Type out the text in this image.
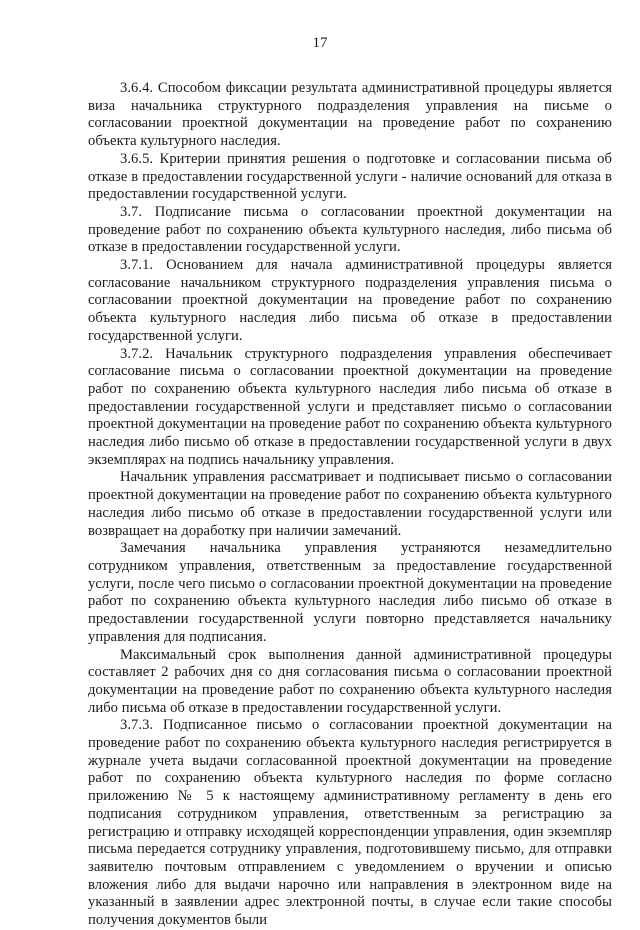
17

3.6.4. Способом фиксации результата административной процедуры является виза начальника структурного подразделения управления на письме о согласовании проектной документации на проведение работ по сохранению объекта культурного наследия.

3.6.5. Критерии принятия решения о подготовке и согласовании письма об отказе в предоставлении государственной услуги - наличие оснований для отказа в предоставлении государственной услуги.

3.7. Подписание письма о согласовании проектной документации на проведение работ по сохранению объекта культурного наследия, либо письма об отказе в предоставлении государственной услуги.

3.7.1. Основанием для начала административной процедуры является согласование начальником структурного подразделения управления письма о согласовании проектной документации на проведение работ по сохранению объекта культурного наследия либо письма об отказе в предоставлении государственной услуги.

3.7.2. Начальник структурного подразделения управления обеспечивает согласование письма о согласовании проектной документации на проведение работ по сохранению объекта культурного наследия либо письма об отказе в предоставлении государственной услуги и представляет письмо о согласовании проектной документации на проведение работ по сохранению объекта культурного наследия либо письмо об отказе в предоставлении государственной услуги в двух экземплярах на подпись начальнику управления.

Начальник управления рассматривает и подписывает письмо о согласовании проектной документации на проведение работ по сохранению объекта культурного наследия либо письмо об отказе в предоставлении государственной услуги или возвращает на доработку при наличии замечаний.

Замечания начальника управления устраняются незамедлительно сотрудником управления, ответственным за предоставление государственной услуги, после чего письмо о согласовании проектной документации на проведение работ по сохранению объекта культурного наследия либо письмо об отказе в предоставлении государственной услуги повторно представляется начальнику управления для подписания.

Максимальный срок выполнения данной административной процедуры составляет 2 рабочих дня со дня согласования письма о согласовании проектной документации на проведение работ по сохранению объекта культурного наследия либо письма об отказе в предоставлении государственной услуги.

3.7.3. Подписанное письмо о согласовании проектной документации на проведение работ по сохранению объекта культурного наследия регистрируется в журнале учета выдачи согласованной проектной документации на проведение работ по сохранению объекта культурного наследия по форме согласно приложению № 5 к настоящему административному регламенту в день его подписания сотрудником управления, ответственным за регистрацию за регистрацию и отправку исходящей корреспонденции управления, один экземпляр письма передается сотруднику управления, подготовившему письмо, для отправки заявителю почтовым отправлением с уведомлением о вручении и описью вложения либо для выдачи нарочно или направления в электронном виде на указанный в заявлении адрес электронной почты, в случае если такие способы получения документов были
